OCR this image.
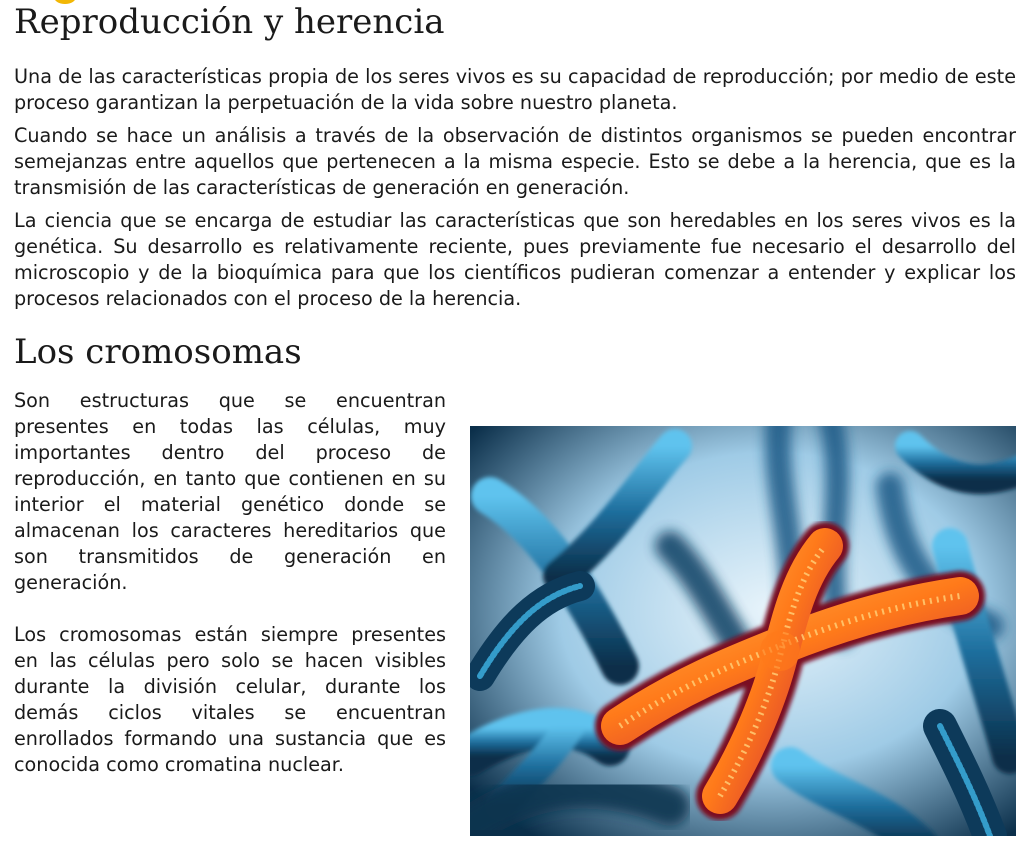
Reproducción y herencia

Una de las características propia de los seres vivos es su capacidad de reproducción; por medio de este proceso garantizan la perpetuación de la vida sobre nuestro planeta.

Cuando se hace un análisis a través de la observación de distintos organismos se pueden encontrar semejanzas entre aquellos que pertenecen a la misma especie. Esto se debe a la herencia, que es la transmisión de las características de generación en generación.

La ciencia que se encarga de estudiar las características que son heredables en los seres vivos es la genética. Su desarrollo es relativamente reciente, pues previamente fue necesario el desarrollo del microscopio y de la bioquímica para que los científicos pudieran comenzar a entender y explicar los procesos relacionados con el proceso de la herencia.

Los cromosomas

Son estructuras que se encuentran presentes en todas las células, muy importantes dentro del proceso de reproducción, en tanto que contienen en su interior el material genético donde se almacenan los caracteres hereditarios que son transmitidos de generación en generación.

Los cromosomas están siempre presentes en las células pero solo se hacen visibles durante la división celular, durante los demás ciclos vitales se encuentran enrollados formando una sustancia que es conocida como cromatina nuclear.
